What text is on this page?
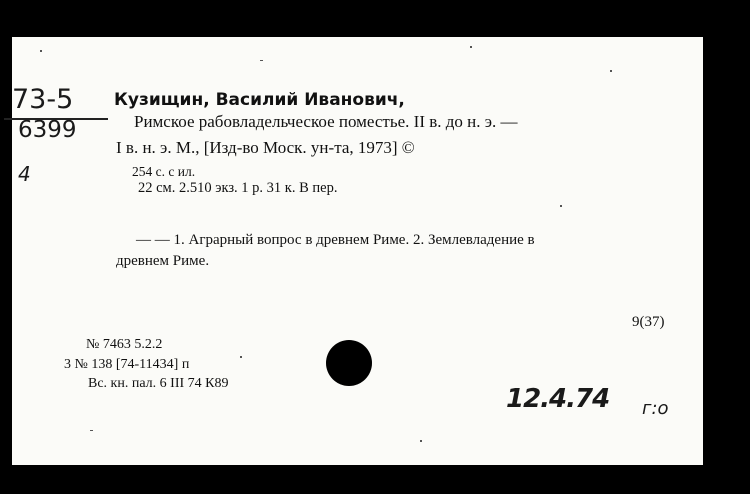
73-5
6399
4
Кузищин, Василий Иванович,
Римское рабовладельческое поместье. II в. до н. э. —
I в. н. э. М., [Изд-во Моск. ун-та, 1973] ©
254 с. с ил.
22 см. 2.510 экз. 1 р. 31 к. В пер.
— — 1. Аграрный вопрос в древнем Риме. 2. Землевладение в
древнем Риме.
9(37)
№ 7463 5.2.2
3 № 138 [74-11434] п
Вс. кн. пал. 6 III 74 К89
12.4.74 г:о
